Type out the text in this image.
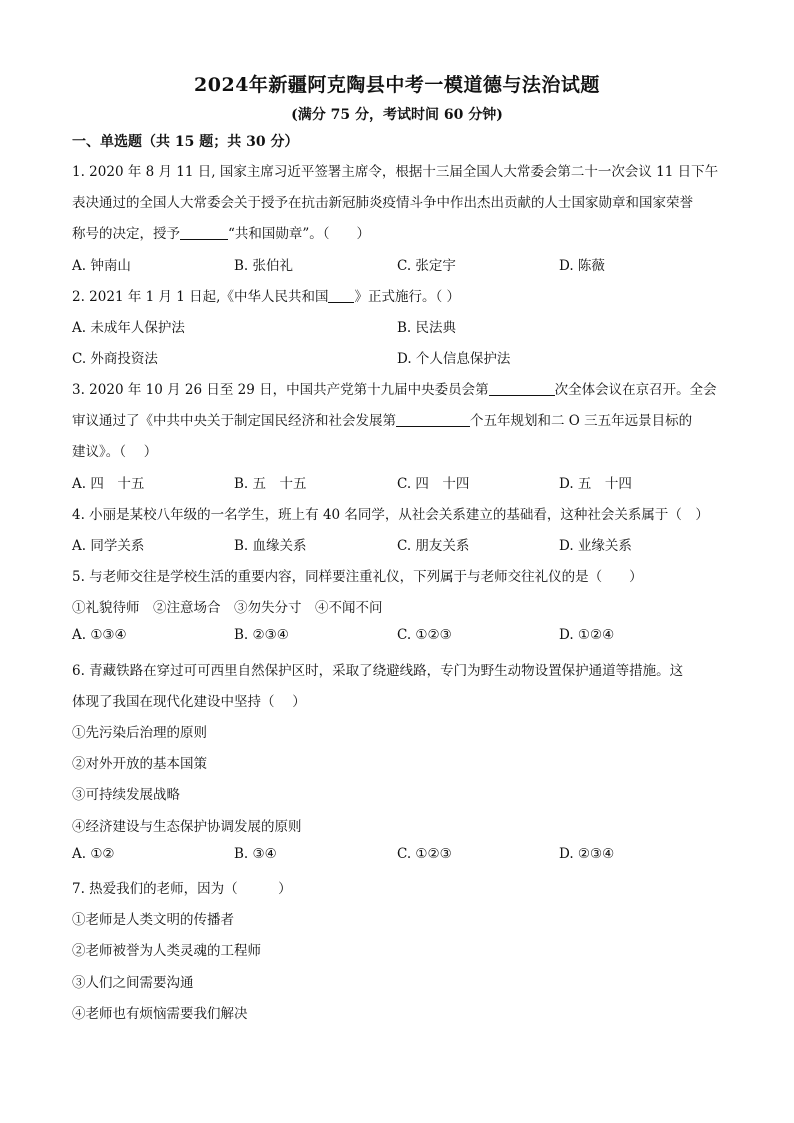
2024年新疆阿克陶县中考一模道德与法治试题
(满分 75 分，考试时间 60 分钟)
一、单选题（共 15 题；共 30 分）
1. 2020 年 8 月 11 日, 国家主席习近平签署主席令，根据十三届全国人大常委会第二十一次会议 11 日下午
表决通过的全国人大常委会关于授予在抗击新冠肺炎疫情斗争中作出杰出贡献的人士国家勋章和国家荣誉
称号的决定，授予	“共和国勋章”。（　　）
A. 钟南山	B. 张伯礼	C. 张定宇	D. 陈薇
2. 2021 年 1 月 1 日起,《中华人民共和国 》正式施行。（ ）
A. 未成年人保护法	B. 民法典
C. 外商投资法	D. 个人信息保护法
3. 2020 年 10 月 26 日至 29 日，中国共产党第十九届中央委员会第	次全体会议在京召开。全会
审议通过了《中共中央关于制定国民经济和社会发展第	个五年规划和二 O 三五年远景目标的
建议》。（　 ）
A. 四　十五	B. 五　十五	C. 四　十四	D. 五　十四
4. 小丽是某校八年级的一名学生，班上有 40 名同学，从社会关系建立的基础看，这种社会关系属于（　）
A. 同学关系	B. 血缘关系	C. 朋友关系	D. 业缘关系
5. 与老师交往是学校生活的重要内容，同样要注重礼仪，下列属于与老师交往礼仪的是（　　）
①礼貌待师　②注意场合　③勿失分寸　④不闻不问
A. ①③④	B. ②③④	C. ①②③	D. ①②④
6. 青藏铁路在穿过可可西里自然保护区时，采取了绕避线路，专门为野生动物设置保护通道等措施。这
体现了我国在现代化建设中坚持（　 ）
①先污染后治理的原则
②对外开放的基本国策
③可持续发展战略
④经济建设与生态保护协调发展的原则
A. ①②	B. ③④	C. ①②③	D. ②③④
7. 热爱我们的老师，因为（　　　）
①老师是人类文明的传播者
②老师被誉为人类灵魂的工程师
③人们之间需要沟通
④老师也有烦恼需要我们解决
